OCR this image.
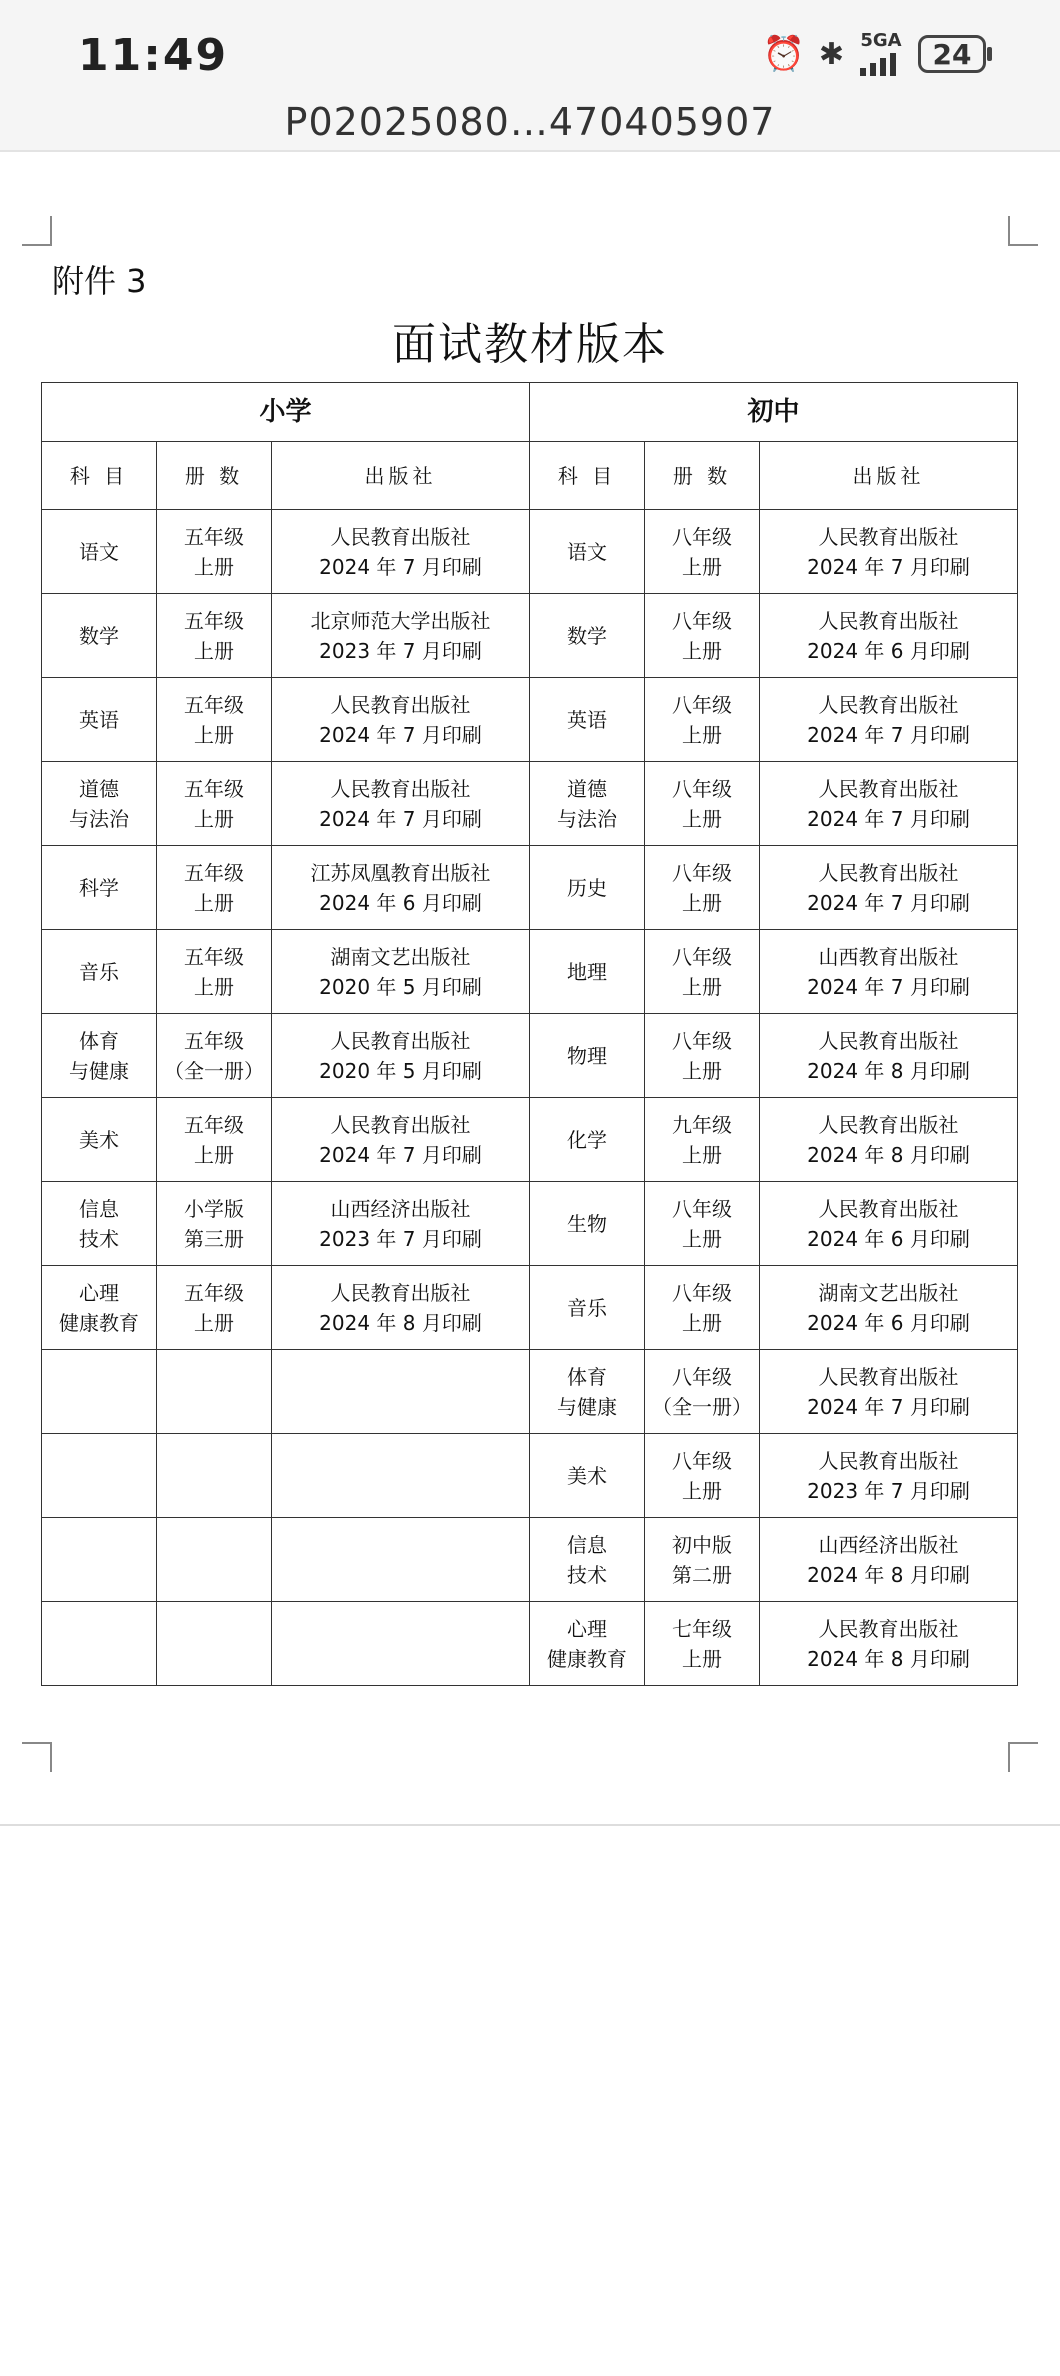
11:49	⏰ ✱ 5GA 24
P02025080…470405907
附件 3
面试教材版本
小学			初中		
科 目	册 数	出版社	科 目	册 数	出版社

语文	五年级
上册	人民教育出版社
2024 年 7 月印刷	语文	八年级
上册	人民教育出版社
2024 年 7 月印刷

数学	五年级
上册	北京师范大学出版社
2023 年 7 月印刷	数学	八年级
上册	人民教育出版社
2024 年 6 月印刷

英语	五年级
上册	人民教育出版社
2024 年 7 月印刷	英语	八年级
上册	人民教育出版社
2024 年 7 月印刷

道德
与法治	五年级
上册	人民教育出版社
2024 年 7 月印刷	道德
与法治	八年级
上册	人民教育出版社
2024 年 7 月印刷

科学	五年级
上册	江苏凤凰教育出版社
2024 年 6 月印刷	历史	八年级
上册	人民教育出版社
2024 年 7 月印刷

音乐	五年级
上册	湖南文艺出版社
2020 年 5 月印刷	地理	八年级
上册	山西教育出版社
2024 年 7 月印刷

体育
与健康	五年级
（全一册）	人民教育出版社
2020 年 5 月印刷	物理	八年级
上册	人民教育出版社
2024 年 8 月印刷

美术	五年级
上册	人民教育出版社
2024 年 7 月印刷	化学	九年级
上册	人民教育出版社
2024 年 8 月印刷

信息
技术	小学版
第三册	山西经济出版社
2023 年 7 月印刷	生物	八年级
上册	人民教育出版社
2024 年 6 月印刷

心理
健康教育	五年级
上册	人民教育出版社
2024 年 8 月印刷	音乐	八年级
上册	湖南文艺出版社
2024 年 6 月印刷

			体育
与健康	八年级
（全一册）	人民教育出版社
2024 年 7 月印刷

			美术	八年级
上册	人民教育出版社
2023 年 7 月印刷

			信息
技术	初中版
第二册	山西经济出版社
2024 年 8 月印刷

			心理
健康教育	七年级
上册	人民教育出版社
2024 年 8 月印刷
